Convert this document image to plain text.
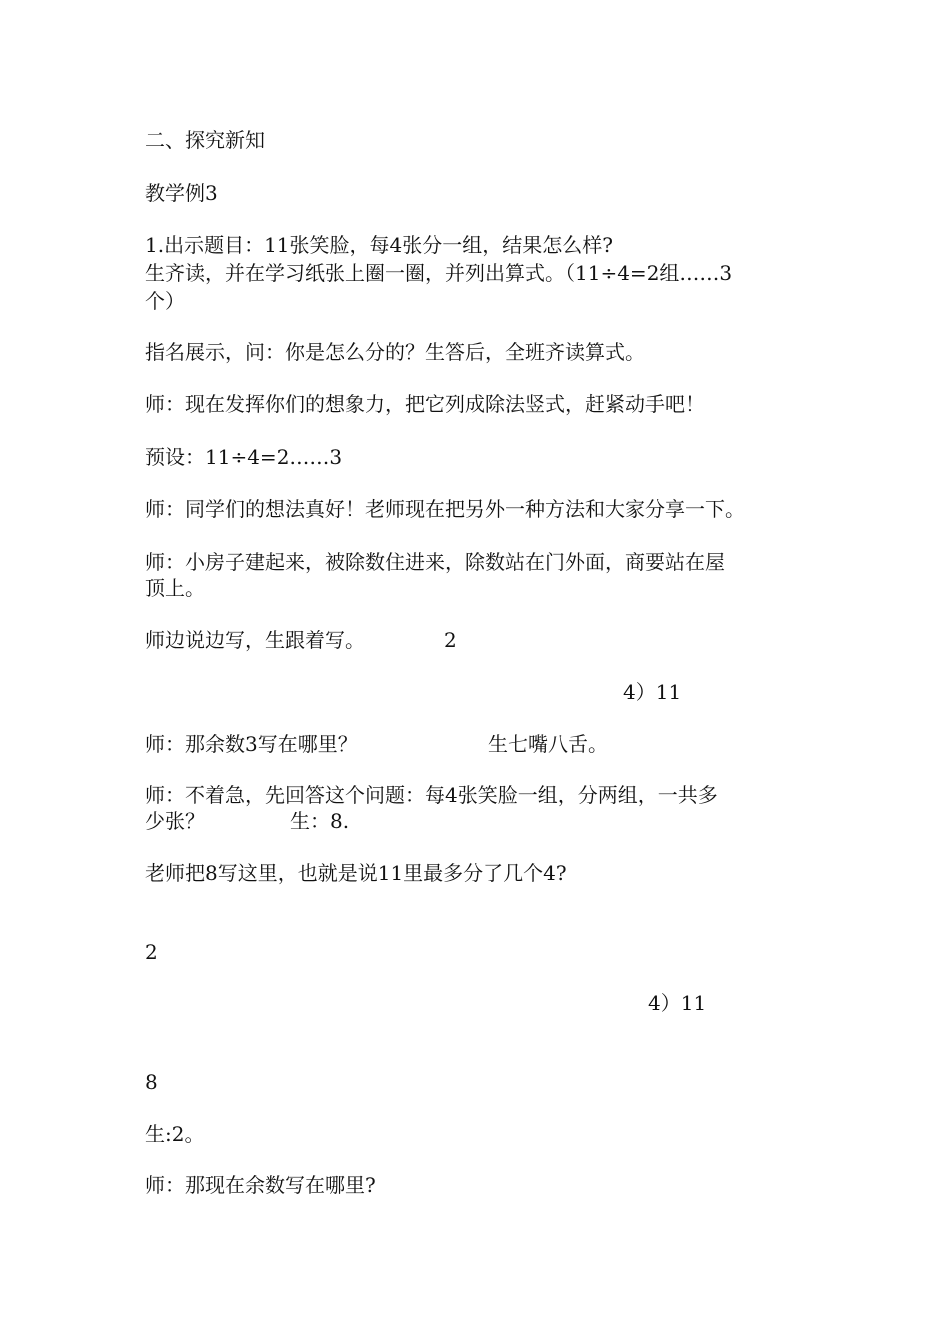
二、探究新知
教学例3
1.出示题目：11张笑脸，每4张分一组，结果怎么样?
生齐读，并在学习纸张上圈一圈，并列出算式。（11÷4=2组……3
个）
指名展示，问：你是怎么分的？生答后，全班齐读算式。
师：现在发挥你们的想象力，把它列成除法竖式，赶紧动手吧！
预设：11÷4=2……3
师：同学们的想法真好！老师现在把另外一种方法和大家分享一下。
师：小房子建起来，被除数住进来，除数站在门外面，商要站在屋
顶上。
师边说边写，生跟着写。	2
4）11
师：那余数3写在哪里？	生七嘴八舌。
师：不着急，先回答这个问题：每4张笑脸一组，分两组，一共多
少张？	生：8.
老师把8写这里，也就是说11里最多分了几个4?
2
4）11
8
生:2。
师：那现在余数写在哪里?
